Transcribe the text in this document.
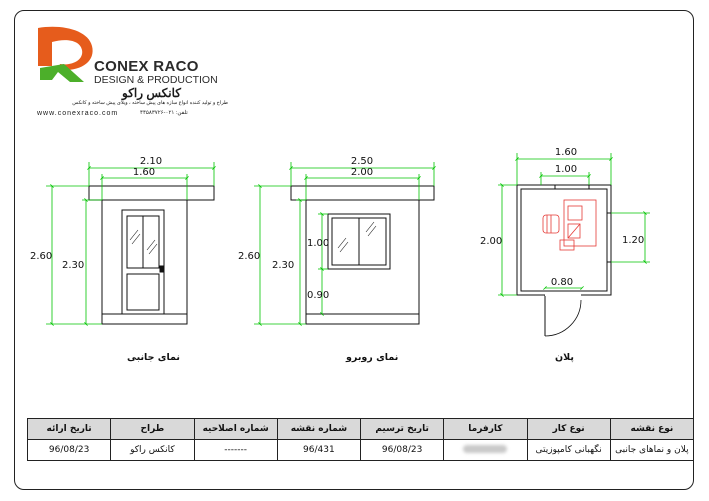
CONEX RACO
DESIGN & PRODUCTION
کانکس راکو
طراح و تولید کننده انواع سازه های پیش ساخته ، ویلای پیش ساخته و کانکس
www.conexraco.com	تلفن: ۰۲۱-۴۴۵۸۳۷۲۶
2.10
1.60
2.60
2.30
2.50
2.00
2.60
2.30
1.00
0.90
1.60
1.00
2.00	1.20
0.80
نمای جانبی	نمای روبرو	پلان
تاریخ ارائه	طراح	شماره اصلاحیه	شماره نقشه	تاریخ ترسیم	کارفرما	نوع کار	نوع نقشه
96/08/23	کانکس راکو	-------	96/431	96/08/23		نگهبانی کامپوزیتی	پلان و نماهای جانبی
